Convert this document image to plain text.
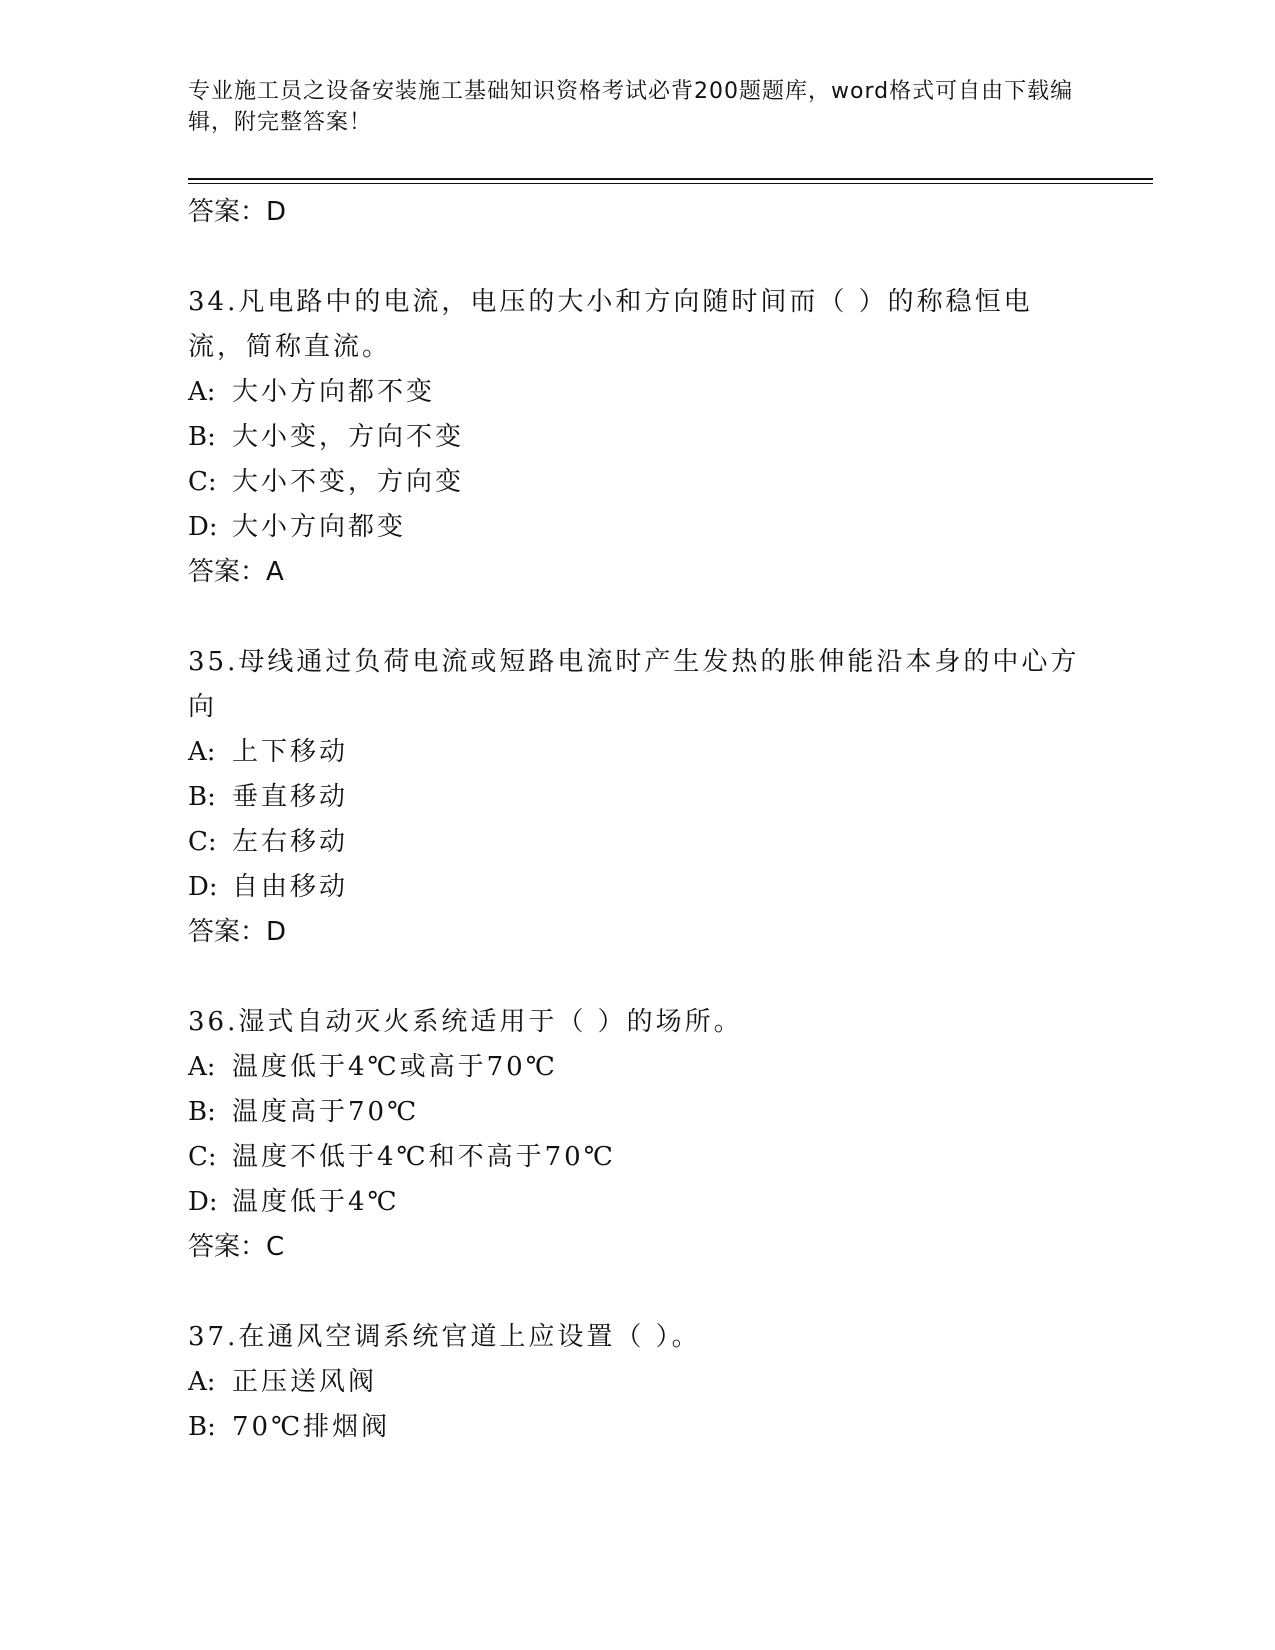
专业施工员之设备安装施工基础知识资格考试必背200题题库，word格式可自由下载编辑，附完整答案！
答案：D
34.凡电路中的电流，电压的大小和方向随时间而（ ）的称稳恒电流，简称直流。
A: 大小方向都不变
B: 大小变，方向不变
C: 大小不变，方向变
D: 大小方向都变
答案：A
35.母线通过负荷电流或短路电流时产生发热的胀伸能沿本身的中心方向
A: 上下移动
B: 垂直移动
C: 左右移动
D: 自由移动
答案：D
36.湿式自动灭火系统适用于（ ）的场所。
A: 温度低于4℃或高于70℃
B: 温度高于70℃
C: 温度不低于4℃和不高于70℃
D: 温度低于4℃
答案：C
37.在通风空调系统官道上应设置（ ）。
A: 正压送风阀
B: 70℃排烟阀
